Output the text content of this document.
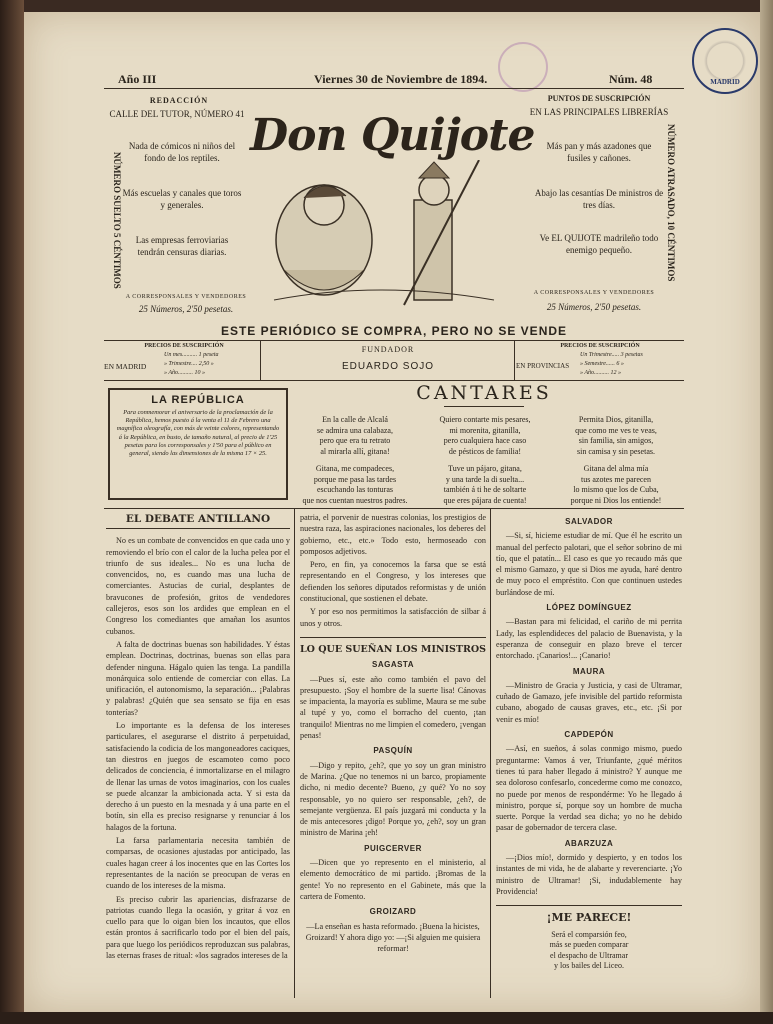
MADRID
Año III	Viernes 30 de Noviembre de 1894.	Núm. 48
REDACCIÓN
CALLE DEL TUTOR, NÚMERO 41
PUNTOS DE SUSCRIPCIÓN
EN LAS PRINCIPALES LIBRERÍAS
NÚMERO SUELTO 5 CÉNTIMOS	NÚMERO ATRASADO, 10 CÉNTIMOS
Nada de cómicos ni niños del fondo de los reptiles.
Más escuelas y canales que toros y generales.
Las empresas ferroviarias tendrán censuras diarias.
Más pan y más azadones que fusiles y cañones.
Abajo las cesantías De ministros de tres días.
Ve EL QUIJOTE madrileño todo enemigo pequeño.
Don Quijote
A CORRESPONSALES Y VENDEDORES
25 Números, 2'50 pesetas.
A CORRESPONSALES Y VENDEDORES
25 Números, 2'50 pesetas.
ESTE PERIÓDICO SE COMPRA, PERO NO SE VENDE
PRECIOS DE SUSCRIPCIÓN
EN MADRID
Un mes.......... 1 peseta
» Trimestre.... 2,50 »
» Año.......... 10 »
FUNDADOR
EDUARDO SOJO
PRECIOS DE SUSCRIPCIÓN
EN PROVINCIAS
Un Trimestre..... 3 pesetas
» Semestre...... 6 »
» Año.......... 12 »
LA REPÚBLICA
Para conmemorar el aniversario de la proclamación de la República, hemos puesto á la venta el 11 de Febrero una magnífica oleografía, con más de veinte colores, representando á la República, en busto, de tamaño natural, al precio de 1'25 pesetas para los corresponsales y 1'50 para el público en general, siendo las dimensiones de la misma 17 × 25.
CANTARES
En la calle de Alcalá
se admira una calabaza,
pero que era tu retrato
al mirarla allí, gitana!
Quiero contarte mis pesares,
mi morenita, gitanilla,
pero cualquiera hace caso
de pésticos de familia!
Permita Dios, gitanilla,
que como me ves te veas,
sin familia, sin amigos,
sin camisa y sin pesetas.
Gitana, me compadeces,
porque me pasa las tardes
escuchando las tonturas
que nos cuentan nuestros padres.
Tuve un pájaro, gitana,
y una tarde la di suelta...
también á ti he de soltarte
que eres pájara de cuenta!
Gitana del alma mía
tus azotes me parecen
lo mismo que los de Cuba,
porque ni Dios los entiende!
EL DEBATE ANTILLANO

No es un combate de convencidos en que cada uno y removiendo el brío con el calor de la lucha pelea por el triunfo de sus ideales... No es una lucha de convencidos, no, es cuando mas una lucha de comerciantes. Astucias de curial, desplantes de bravucones de profesión, gritos de vendedores callejeros, esos son los ardides que emplean en el Congreso los comediantes que amañan los asuntos cubanos.

A falta de doctrinas buenas son habilidades. Y éstas emplean. Doctrinas, doctrinas, buenas son ellas para defender ninguna. Hágalo quien las tenga. La pandilla monárquica solo entiende de comerciar con ellas. La unificación, el autonomismo, la separación... ¡Palabras y palabras! ¿Quién que sea sensato se fija en esas tonterías?

Lo importante es la defensa de los intereses particulares, el asegurarse el distrito á perpetuidad, satisfaciendo la codicia de los mangoneadores caciques, tan diestros en juegos de escamoteo como poco delicados de conciencia, é inmortalizarse en el milagro de llenar las urnas de votos imaginarios, con los cuales se puede alcanzar la ambicionada acta. Y si esta da derecho á un puesto en la mesnada y á una parte en el botín, sin ella es preciso resignarse y renunciar á los halagos de la fortuna.

La farsa parlamentaria necesita también de comparsas, de ocasiones ajustadas por anticipado, las cuales hagan creer á los inocentes que en las Cortes los representantes de la nación se preocupan de veras en cuando de los intereses de la misma.

Es preciso cubrir las apariencias, disfrazarse de patriotas cuando llega la ocasión, y gritar á voz en cuello para que lo oigan bien los incautos, que ellos están prontos á sacrificarlo todo por el bien del país, para que luego los periódicos reproduzcan sus palabras, las eternas frases de ritual: «los sagrados intereses de la

patria, el porvenir de nuestras colonias, los prestigios de nuestra raza, las aspiraciones nacionales, los deberes del gobierno, etc., etc.» Todo esto, hermoseado con pomposos adjetivos.

Pero, en fin, ya conocemos la farsa que se está representando en el Congreso, y los intereses que defienden los señores diputados reformistas y de unión constitucional, que sostienen el debate.

Y por eso nos permitimos la satisfacción de silbar á unos y otros.

LO QUE SUEÑAN LOS MINISTROS
SAGASTA

—Pues sí, este año como también el pavo del presupuesto. ¡Soy el hombre de la suerte lisa! Cánovas se impacienta, la mayoría es sublime, Maura se me sube al tupé y yo, como el borracho del cuento, ¡tan tranquilo! Mientras no me limpien el comedero, ¡vengan penas!

PASQUÍN

—Digo y repito, ¿eh?, que yo soy un gran ministro de Marina. ¿Que no tenemos ni un barco, propiamente dicho, ni medio decente? Bueno, ¿y qué? Yo no soy responsable, yo no quiero ser responsable, ¿eh?, de semejante vergüenza. El país juzgará mi conducta y la de mis antecesores ¡digo! Porque yo, ¿eh?, soy un gran ministro de Marina ¡eh!

PUIGCERVER

—Dicen que yo represento en el ministerio, al elemento democrático de mi partido. ¡Bromas de la gente! Yo no represento en el Gabinete, más que la cartera de Fomento.

GROIZARD

—La enseñan es hasta reformado. ¡Buena la hicistes, Groizard! Y ahora digo yo: —¡Si alguien me quisiera reformar!

SALVADOR

—Si, sí, hicieme estudiar de mí. Que él he escrito un manual del perfecto palotari, que el señor sobrino de mi tío, que el patatín... El caso es que yo recaudo más que el mismo Gamazo, y que si Dios me ayuda, haré dentro de muy poco el empréstito. Con que continuen ustedes burlándose de mí.

LÓPEZ DOMÍNGUEZ

—Bastan para mi felicidad, el cariño de mi perrita Lady, las esplendideces del palacio de Buenavista, y la esperanza de conseguir en plazo breve el tercer entorchado. ¡Canarios!... ¡Canario!

MAURA

—Ministro de Gracia y Justicia, y casi de Ultramar, cuñado de Gamazo, jefe invisible del partido reformista cubano, abogado de causas graves, etc., etc. ¡Si por venir es mío!

CAPDEPÓN

—Así, en sueños, á solas conmigo mismo, puedo preguntarme: Vamos á ver, Triunfante, ¿qué méritos tienes tú para haber llegado á ministro? Y aunque me sea doloroso confesarlo, concederme como me conozco, no puede por menos de respondérme: Yo he llegado á ministro, porque sí, porque soy un hombre de mucha suerte. Porque la verdad sea dicha; yo no he debido pasar de gobernador de tercera clase.

ABARZUZA

—¡Dios mío!, dormido y despierto, y en todos los instantes de mi vida, he de alabarte y reverenciarte. ¡Yo ministro de Ultramar! ¡Si, indudablemente hay Providencia!

¡ME PARECE!
Será el comparsión feo,
más se pueden comparar
el despacho de Ultramar
y los bailes del Liceo.
